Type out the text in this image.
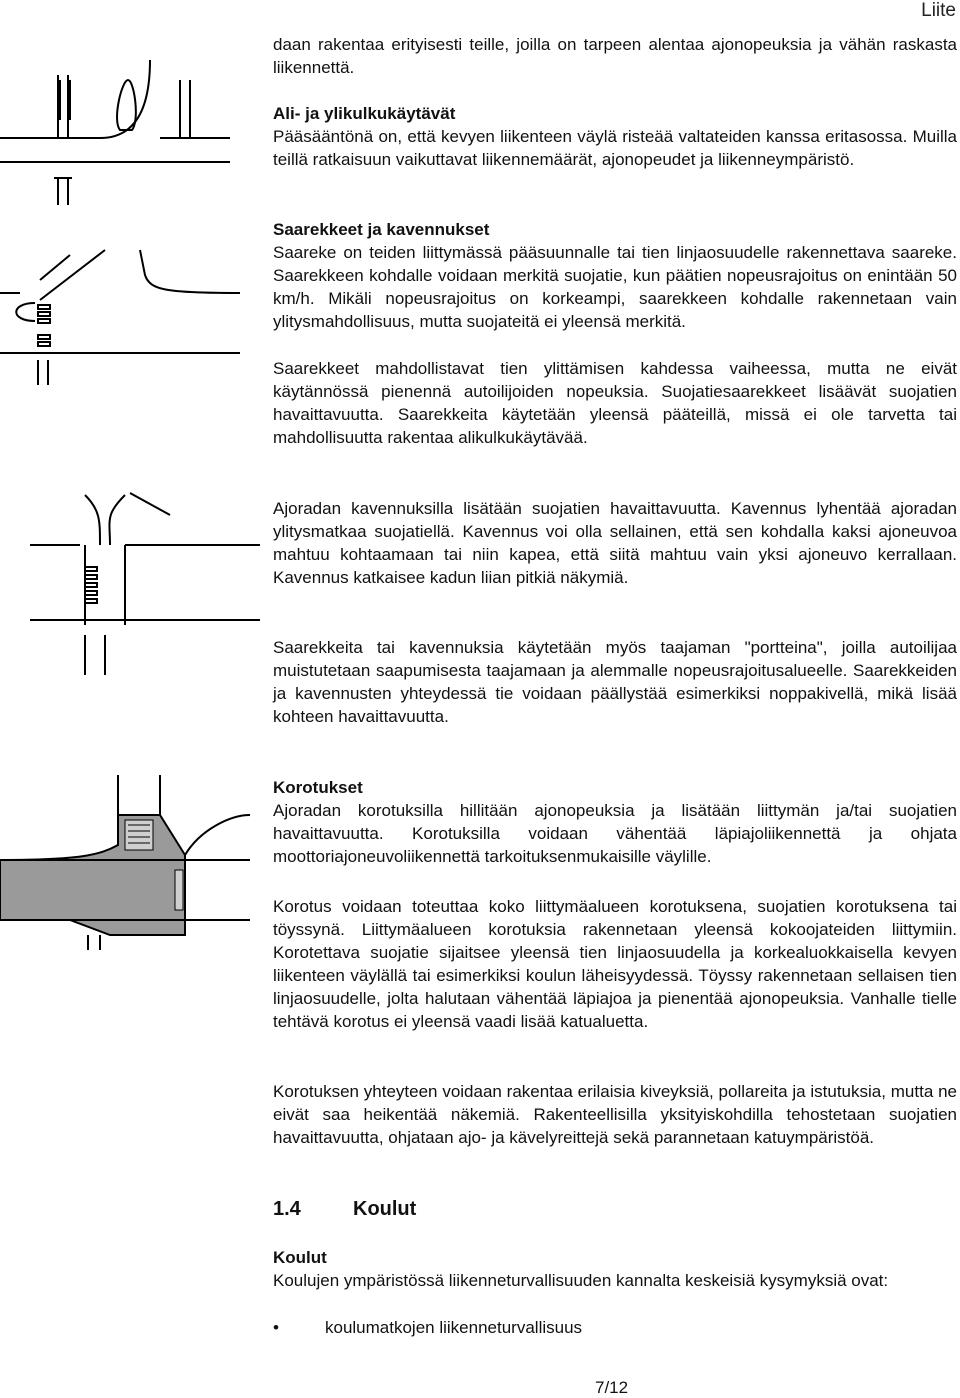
Liite

daan rakentaa erityisesti teille, joilla on tarpeen alentaa ajonopeuksia ja vähän raskasta liikennettä.

Ali- ja ylikulkukäytävät

Pääsääntönä on, että kevyen liikenteen väylä risteää valtateiden kanssa eritasossa. Muilla teillä ratkaisuun vaikuttavat liikennemäärät, ajonopeudet ja liikenneympäristö.

Saarekkeet ja kavennukset

Saareke on teiden liittymässä pääsuunnalle tai tien linjaosuudelle rakennettava saareke. Saarekkeen kohdalle voidaan merkitä suojatie, kun päätien nopeusrajoitus on enintään 50 km/h. Mikäli nopeusrajoitus on korkeampi, saarekkeen kohdalle rakennetaan vain ylitysmahdollisuus, mutta suojateitä ei yleensä merkitä.

Saarekkeet mahdollistavat tien ylittämisen kahdessa vaiheessa, mutta ne eivät käytännössä pienennä autoilijoiden nopeuksia. Suojatiesaarekkeet lisäävät suojatien havaittavuutta. Saarekkeita käytetään yleensä pääteillä, missä ei ole tarvetta tai mahdollisuutta rakentaa alikulkukäytävää.

Ajoradan kavennuksilla lisätään suojatien havaittavuutta. Kavennus lyhentää ajoradan ylitysmatkaa suojatiellä. Kavennus voi olla sellainen, että sen kohdalla kaksi ajoneuvoa mahtuu kohtaamaan tai niin kapea, että siitä mahtuu vain yksi ajoneuvo kerrallaan. Kavennus katkaisee kadun liian pitkiä näkymiä.

Saarekkeita tai kavennuksia käytetään myös taajaman "portteina", joilla autoilijaa muistutetaan saapumisesta taajamaan ja alemmalle nopeusrajoitusalueelle. Saarekkeiden ja kavennusten yhteydessä tie voidaan päällystää esimerkiksi noppakivellä, mikä lisää kohteen havaittavuutta.

Korotukset

Ajoradan korotuksilla hillitään ajonopeuksia ja lisätään liittymän ja/tai suojatien havaittavuutta. Korotuksilla voidaan vähentää läpiajoliikennettä ja ohjata moottoriajoneuvoliikennettä tarkoituksenmukaisille väylille.

Korotus voidaan toteuttaa koko liittymäalueen korotuksena, suojatien korotuksena tai töyssynä. Liittymäalueen korotuksia rakennetaan yleensä kokoojateiden liittymiin. Korotettava suojatie sijaitsee yleensä tien linjaosuudella ja korkealuokkaisella kevyen liikenteen väylällä tai esimerkiksi koulun läheisyydessä. Töyssy rakennetaan sellaisen tien linjaosuudelle, jolta halutaan vähentää läpiajoa ja pienentää ajonopeuksia. Vanhalle tielle tehtävä korotus ei yleensä vaadi lisää katualuetta.

Korotuksen yhteyteen voidaan rakentaa erilaisia kiveyksiä, pollareita ja istutuksia, mutta ne eivät saa heikentää näkemiä. Rakenteellisilla yksityiskohdilla tehostetaan suojatien havaittavuutta, ohjataan ajo- ja kävelyreittejä sekä parannetaan katuympäristöä.

1.4	Koulut

Koulut

Koulujen ympäristössä liikenneturvallisuuden kannalta keskeisiä kysymyksiä ovat:

•	koulumatkojen liikenneturvallisuus
7/12
